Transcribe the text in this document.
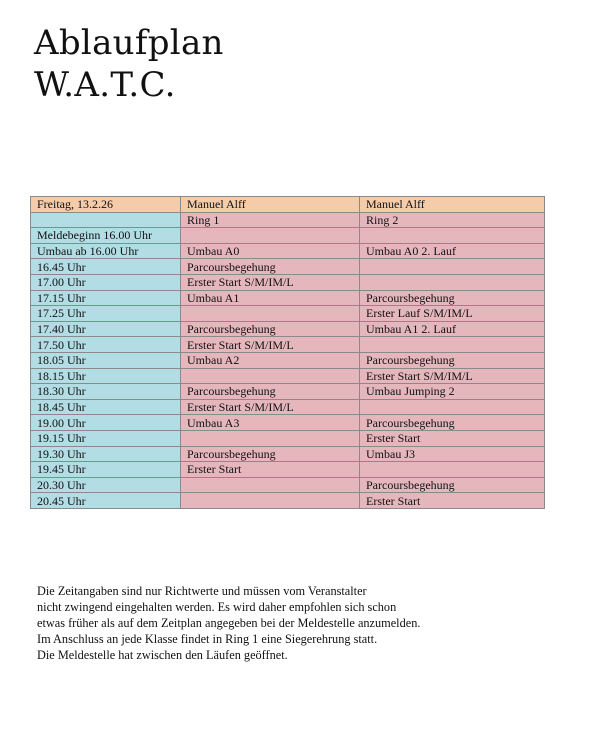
Ablaufplan
W.A.T.C.
Freitag, 13.2.26	Manuel Alff	Manuel Alff
	Ring 1	Ring 2
Meldebeginn 16.00 Uhr		
Umbau ab 16.00 Uhr	Umbau A0	Umbau A0 2. Lauf
16.45 Uhr	Parcoursbegehung	
17.00 Uhr	Erster Start S/M/IM/L	
17.15 Uhr	Umbau A1	Parcoursbegehung
17.25 Uhr		Erster Lauf S/M/IM/L
17.40 Uhr	Parcoursbegehung	Umbau A1 2. Lauf
17.50 Uhr	Erster Start S/M/IM/L	
18.05 Uhr	Umbau A2	Parcoursbegehung
18.15 Uhr		Erster Start S/M/IM/L
18.30 Uhr	Parcoursbegehung	Umbau Jumping 2
18.45 Uhr	Erster Start S/M/IM/L	
19.00 Uhr	Umbau A3	Parcoursbegehung
19.15 Uhr		Erster Start
19.30 Uhr	Parcoursbegehung	Umbau J3
19.45 Uhr	Erster Start	
20.30 Uhr		Parcoursbegehung
20.45 Uhr		Erster Start

Die Zeitangaben sind nur Richtwerte und müssen vom Veranstalter
nicht zwingend eingehalten werden. Es wird daher empfohlen sich schon
etwas früher als auf dem Zeitplan angegeben bei der Meldestelle anzumelden.
Im Anschluss an jede Klasse findet in Ring 1 eine Siegerehrung statt.
Die Meldestelle hat zwischen den Läufen geöffnet.
